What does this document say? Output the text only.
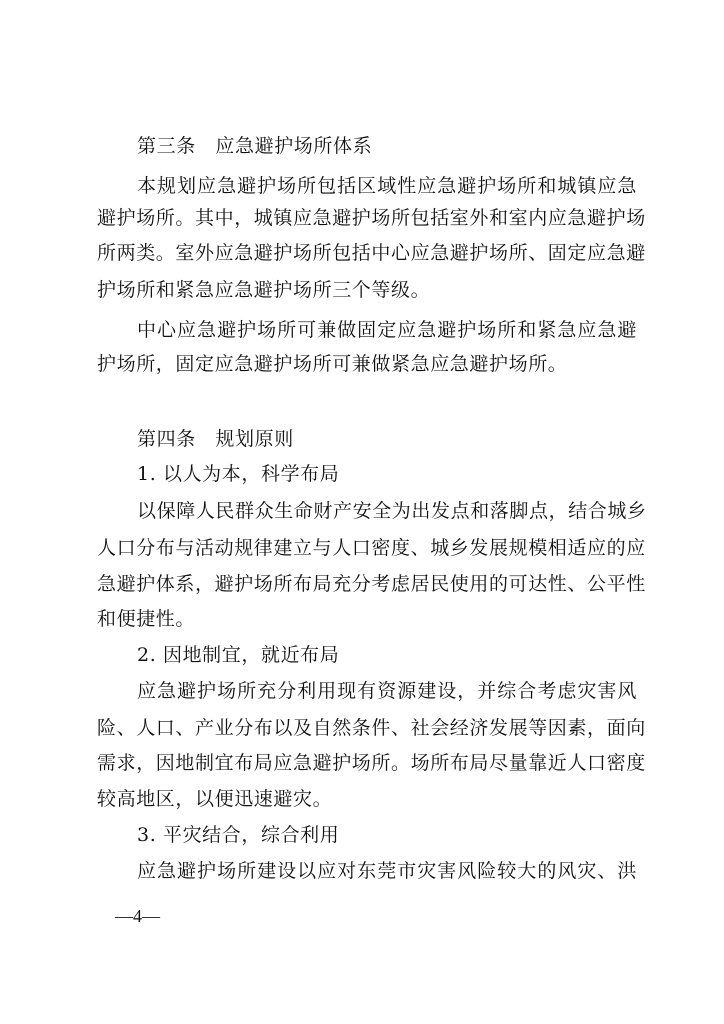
第三条　应急避护场所体系
本规划应急避护场所包括区域性应急避护场所和城镇应急
避护场所。其中，城镇应急避护场所包括室外和室内应急避护场
所两类。室外应急避护场所包括中心应急避护场所、固定应急避
护场所和紧急应急避护场所三个等级。
中心应急避护场所可兼做固定应急避护场所和紧急应急避
护场所，固定应急避护场所可兼做紧急应急避护场所。
第四条　规划原则
1. 以人为本，科学布局
以保障人民群众生命财产安全为出发点和落脚点，结合城乡
人口分布与活动规律建立与人口密度、城乡发展规模相适应的应
急避护体系，避护场所布局充分考虑居民使用的可达性、公平性
和便捷性。
2. 因地制宜，就近布局
应急避护场所充分利用现有资源建设，并综合考虑灾害风
险、人口、产业分布以及自然条件、社会经济发展等因素，面向
需求，因地制宜布局应急避护场所。场所布局尽量靠近人口密度
较高地区，以便迅速避灾。
3. 平灾结合，综合利用
应急避护场所建设以应对东莞市灾害风险较大的风灾、洪
—4—
